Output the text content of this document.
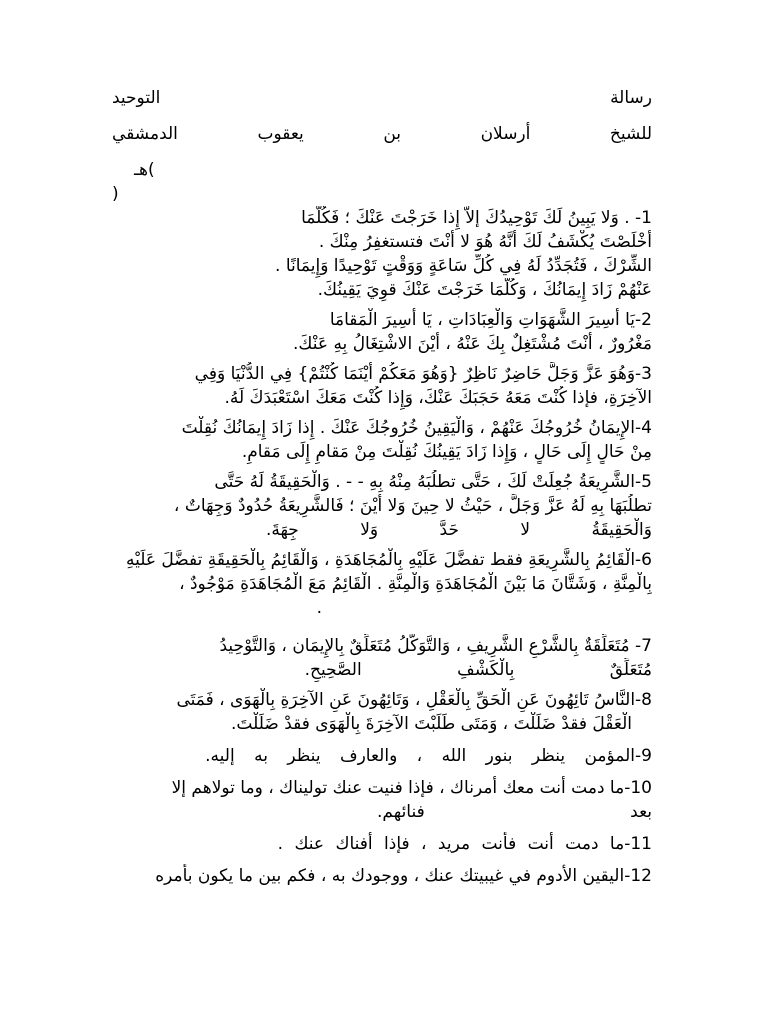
رسالة
التوحيد
للشيخ
أرسلان
بن
يعقوب
الدمشقي
هـ(
)
1- . وَلا يَبِينُ لَكَ تَوْحِيدُكَ إلاَّ إِذا خَرَجْتَ عَنْكَ ؛ فَكُلَّمَا
أَخْلَصْتَ يُكْشَفُ لَكَ أَنَّهُ هُوَ لا أَنْتَ فتستغفِرُ مِنْكَ .
الشِّرْكَ ، فَتُجَدِّدُ لَهُ فِي كُلِّ سَاعَةٍ وَوَقْتٍ تَوْحِيدًا وَإِيمَانًا .
عَنْهُمْ زَادَ إِيمَانُكَ ، وَكُلَّمَا خَرَجْتَ عَنْكَ قوِيَ يَقِينُكَ.
2-يَا أَسِيرَ الشَّهَوَاتِ وَالْعِبَادَاتِ ، يَا أَسِيرَ الْمَقامَا
مَغْرُورٌ ، أَنْتَ مُشْتَغِلٌ بِكَ عَنْهُ ، أَيْنَ الاشْتِغَالُ بِهِ عَنْكَ.
3-وَهُوَ عَزَّ وَجَلَّ حَاضِرٌ نَاظِرٌ {وَهُوَ مَعَكُمْ أَيْنَمَا كُنْتُمْ} فِي الدُّنْيَا وَفِي
الآخِرَةِ، فإذا كُنْتَ مَعَهُ حَجَبَكَ عَنْكَ، وَإِذا كُنْتَ مَعَكَ اسْتَعْبَدَكَ لَهُ.
4-الإِيمَانُ خُرُوجُكَ عَنْهُمْ ، وَالْيَقِينُ خُرُوجُكَ عَنْكَ . إِذا زَادَ إِيمَانُكَ نُقِلْتَ
مِنْ حَالٍ إِلَى حَالٍ ، وَإِذا زَادَ يَقِينُكَ نُقِلْتَ مِنْ مَقامٍ إِلَى مَقامٍ.
5-الشَّرِيعَةُ جُعِلَتْ لَكَ ، حَتَّى تطلُبَهُ مِنْهُ بِهِ - - . وَالْحَقِيقَةُ لَهُ حَتَّى
تطلُبَهَا بِهِ لَهُ عَزَّ وَجَلَّ ، حَيْثُ لا حِينَ وَلا أَيْنَ ؛ فَالشَّرِيعَةُ حُدُودٌ وَجِهَاتٌ ،
وَالْحَقِيقَةُ لا حَدَّ وَلا جِهَةَ.
6-الْقَائِمُ بِالشَّرِيعَةِ فقط تفضَّلَ عَلَيْهِ بِالْمُجَاهَدَةِ ، وَالْقَائِمُ بِالْحَقِيقَةِ تفضَّلَ عَلَيْهِ
بِالْمِنَّةِ ، وَشَتَّانَ مَا بَيْنَ الْمُجَاهَدَةِ وَالْمِنَّةِ . الْقَائِمُ مَعَ الْمُجَاهَدَةِ مَوْجُودٌ ،
.
7- مُتَعَلِّقَةٌ بِالشَّرْعِ الشَّرِيفِ ، وَالتَّوَكُّلُ مُتَعَلِّقٌ بِالإِيمَان ، وَالتَّوْحِيدُ
مُتَعَلِّقٌ بِالْكَشْفِ الصَّحِيحِ.
8-النَّاسُ تَائِهُونَ عَنِ الْحَقِّ بِالْعَقْلِ ، وَتَائِهُونَ عَنِ الآخِرَةِ بِالْهَوَى ، فَمَتَى
الْعَقْلَ فقدْ ضَلَلْتَ ، وَمَتَى طَلَبْتَ الآخِرَةَ بِالْهَوَى فقدْ ضَلَلْتَ.
9-المؤمن ينظر بنور الله ، والعارف ينظر به إليه.
10-ما دمت أنت معك أمرناك ، فإذا فنيت عنك توليناك ، وما تولاهم إلا
بعد فنائهم.
11-ما دمت أنت فأنت مريد ، فإذا أفناك عنك .
12-اليقين الأدوم في غيبيتك عنك ، ووجودك به ، فكم بين ما يكون بأمره
